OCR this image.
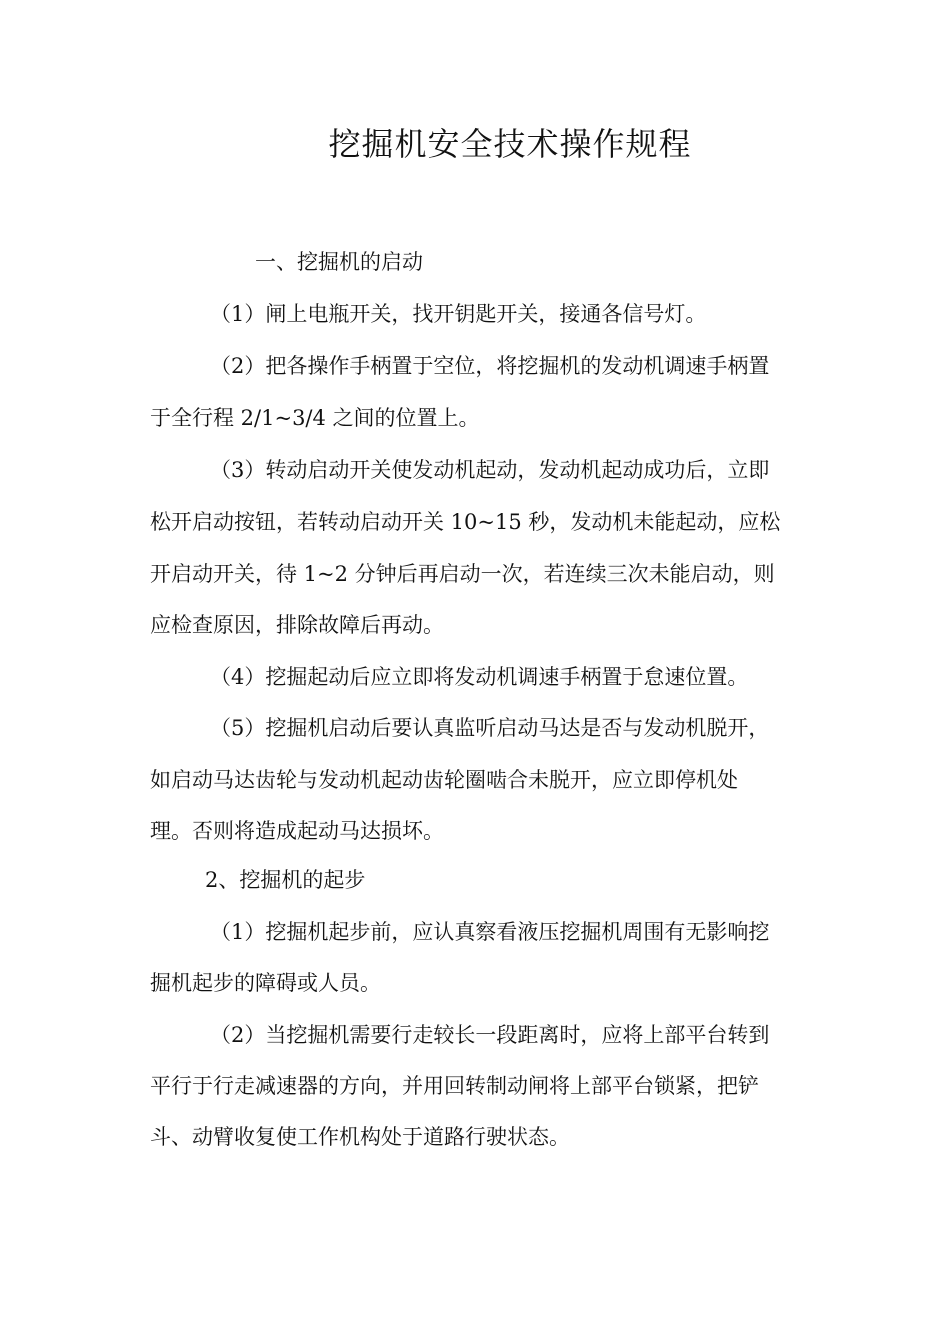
挖掘机安全技术操作规程
一、挖掘机的启动
（1）闸上电瓶开关，找开钥匙开关，接通各信号灯。
（2）把各操作手柄置于空位，将挖掘机的发动机调速手柄置
于全行程 2/1~3/4 之间的位置上。
（3）转动启动开关使发动机起动，发动机起动成功后，立即
松开启动按钮，若转动启动开关 10~15 秒，发动机未能起动，应松
开启动开关，待 1~2 分钟后再启动一次，若连续三次未能启动，则
应检查原因，排除故障后再动。
（4）挖掘起动后应立即将发动机调速手柄置于怠速位置。
（5）挖掘机启动后要认真监听启动马达是否与发动机脱开，
如启动马达齿轮与发动机起动齿轮圈啮合未脱开，应立即停机处
理。否则将造成起动马达损坏。
2、挖掘机的起步
（1）挖掘机起步前，应认真察看液压挖掘机周围有无影响挖
掘机起步的障碍或人员。
（2）当挖掘机需要行走较长一段距离时，应将上部平台转到
平行于行走减速器的方向，并用回转制动闸将上部平台锁紧，把铲
斗、动臂收复使工作机构处于道路行驶状态。
